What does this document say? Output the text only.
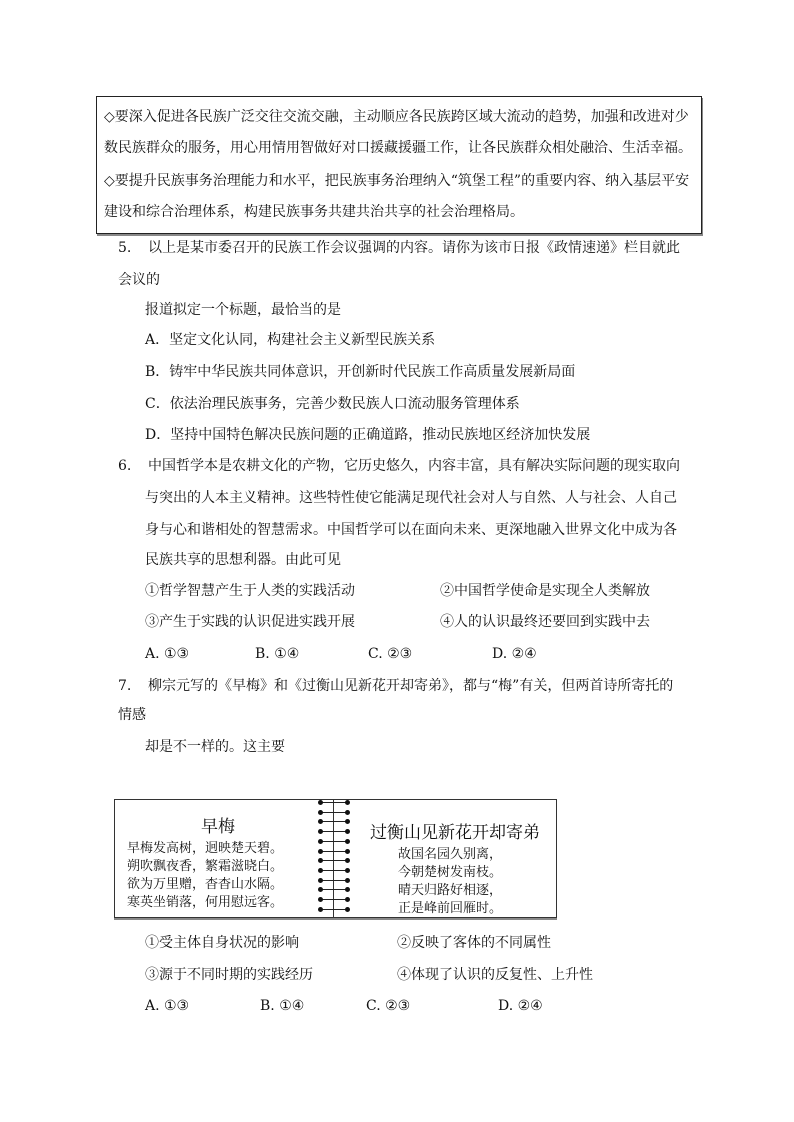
◇要深入促进各民族广泛交往交流交融，主动顺应各民族跨区域大流动的趋势，加强和改进对少
数民族群众的服务，用心用情用智做好对口援藏援疆工作，让各民族群众相处融洽、生活幸福。
◇要提升民族事务治理能力和水平，把民族事务治理纳入“筑堡工程”的重要内容、纳入基层平安
建设和综合治理体系，构建民族事务共建共治共享的社会治理格局。
5. 以上是某市委召开的民族工作会议强调的内容。请你为该市日报《政情速递》栏目就此
会议的
报道拟定一个标题，最恰当的是
A．坚定文化认同，构建社会主义新型民族关系
B．铸牢中华民族共同体意识，开创新时代民族工作高质量发展新局面
C．依法治理民族事务，完善少数民族人口流动服务管理体系
D．坚持中国特色解决民族问题的正确道路，推动民族地区经济加快发展
6. 中国哲学本是农耕文化的产物，它历史悠久，内容丰富，具有解决实际问题的现实取向
与突出的人本主义精神。这些特性使它能满足现代社会对人与自然、人与社会、人自己
身与心和谐相处的智慧需求。中国哲学可以在面向未来、更深地融入世界文化中成为各
民族共享的思想利器。由此可见
①哲学智慧产生于人类的实践活动	②中国哲学使命是实现全人类解放
③产生于实践的认识促进实践开展	④人的认识最终还要回到实践中去
A. ①③	B. ①④	C. ②③	D. ②④
7. 柳宗元写的《早梅》和《过衡山见新花开却寄弟》，都与“梅”有关，但两首诗所寄托的
情感
却是不一样的。这主要
早梅
早梅发高树，迥映楚天碧。
朔吹飘夜香，繁霜滋晓白。
欲为万里赠，杳杳山水隔。
寒英坐销落，何用慰远客。
过衡山见新花开却寄弟
故国名园久别离，
今朝楚树发南枝。
晴天归路好相逐，
正是峰前回雁时。
①受主体自身状况的影响	②反映了客体的不同属性
③源于不同时期的实践经历	④体现了认识的反复性、上升性
A. ①③	B. ①④	C. ②③	D. ②④
